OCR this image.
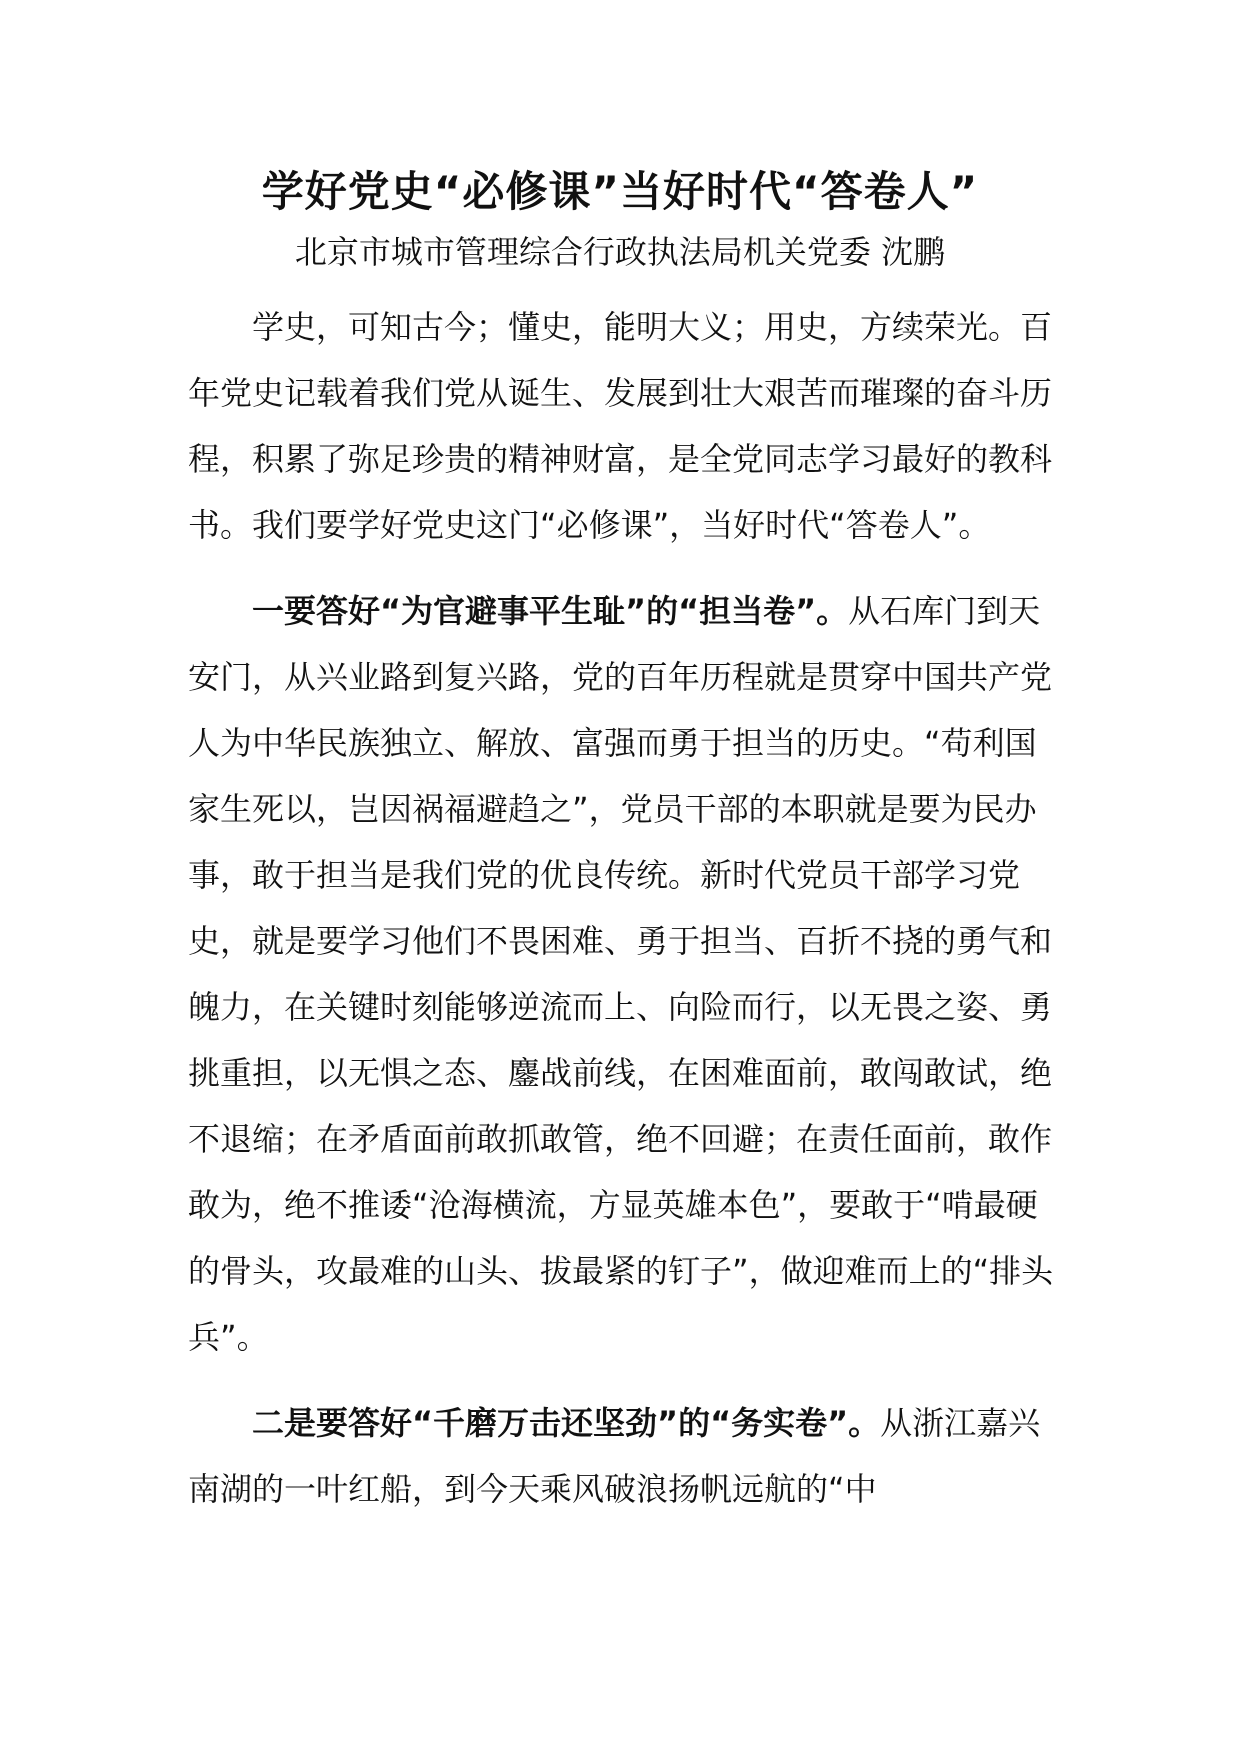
学好党史“必修课”当好时代“答卷人”

北京市城市管理综合行政执法局机关党委 沈鹏

学史，可知古今；懂史，能明大义；用史，方续荣光。百年党史记载着我们党从诞生、发展到壮大艰苦而璀璨的奋斗历程，积累了弥足珍贵的精神财富，是全党同志学习最好的教科书。我们要学好党史这门“必修课”，当好时代“答卷人”。

一要答好“为官避事平生耻”的“担当卷”。从石库门到天安门，从兴业路到复兴路，党的百年历程就是贯穿中国共产党人为中华民族独立、解放、富强而勇于担当的历史。“苟利国家生死以，岂因祸福避趋之”，党员干部的本职就是要为民办事，敢于担当是我们党的优良传统。新时代党员干部学习党史，就是要学习他们不畏困难、勇于担当、百折不挠的勇气和魄力，在关键时刻能够逆流而上、向险而行，以无畏之姿、勇挑重担，以无惧之态、鏖战前线，在困难面前，敢闯敢试，绝不退缩；在矛盾面前敢抓敢管，绝不回避；在责任面前，敢作敢为，绝不推诿“沧海横流，方显英雄本色”，要敢于“啃最硬的骨头，攻最难的山头、拔最紧的钉子”，做迎难而上的“排头兵”。

二是要答好“千磨万击还坚劲”的“务实卷”。从浙江嘉兴南湖的一叶红船，到今天乘风破浪扬帆远航的“中
